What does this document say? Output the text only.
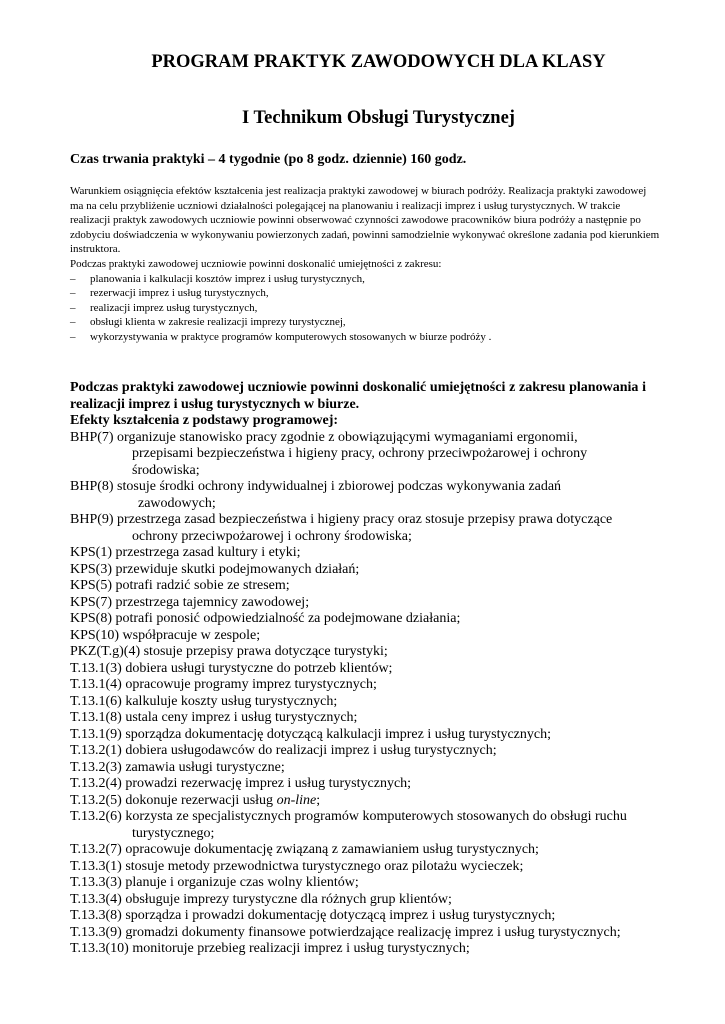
PROGRAM PRAKTYK ZAWODOWYCH DLA KLASY
I Technikum Obsługi Turystycznej
Czas trwania praktyki – 4 tygodnie (po 8 godz. dziennie) 160 godz.

Warunkiem osiągnięcia efektów kształcenia jest realizacja praktyki zawodowej w biurach podróży. Realizacja praktyki zawodowej ma na celu przybliżenie uczniowi działalności polegającej na planowaniu i realizacji imprez i usług turystycznych. W trakcie realizacji praktyk zawodowych uczniowie powinni obserwować czynności zawodowe pracowników biura podróży a następnie po zdobyciu doświadczenia w wykonywaniu powierzonych zadań, powinni samodzielnie wykonywać określone zadania pod kierunkiem instruktora.

Podczas praktyki zawodowej uczniowie powinni doskonalić umiejętności z zakresu:

– planowania i kalkulacji kosztów imprez i usług turystycznych,
– rezerwacji imprez i usług turystycznych,
– realizacji imprez usług turystycznych,
– obsługi klienta w zakresie realizacji imprezy turystycznej,
– wykorzystywania w praktyce programów komputerowych stosowanych w biurze podróży .

Podczas praktyki zawodowej uczniowie powinni doskonalić umiejętności z zakresu planowania i realizacji imprez i usług turystycznych w biurze.

Efekty kształcenia z podstawy programowej:

BHP(7) organizuje stanowisko pracy zgodnie z obowiązującymi wymaganiami ergonomii,
przepisami bezpieczeństwa i higieny pracy, ochrony przeciwpożarowej i ochrony
środowiska;
BHP(8) stosuje środki ochrony indywidualnej i zbiorowej podczas wykonywania zadań
zawodowych;
BHP(9) przestrzega zasad bezpieczeństwa i higieny pracy oraz stosuje przepisy prawa dotyczące
ochrony przeciwpożarowej i ochrony środowiska;
KPS(1) przestrzega zasad kultury i etyki;
KPS(3) przewiduje skutki podejmowanych działań;
KPS(5) potrafi radzić sobie ze stresem;
KPS(7) przestrzega tajemnicy zawodowej;
KPS(8) potrafi ponosić odpowiedzialność za podejmowane działania;
KPS(10) współpracuje w zespole;
PKZ(T.g)(4) stosuje przepisy prawa dotyczące turystyki;
T.13.1(3) dobiera usługi turystyczne do potrzeb klientów;
T.13.1(4) opracowuje programy imprez turystycznych;
T.13.1(6) kalkuluje koszty usług turystycznych;
T.13.1(8) ustala ceny imprez i usług turystycznych;
T.13.1(9) sporządza dokumentację dotyczącą kalkulacji imprez i usług turystycznych;
T.13.2(1) dobiera usługodawców do realizacji imprez i usług turystycznych;
T.13.2(3) zamawia usługi turystyczne;
T.13.2(4) prowadzi rezerwację imprez i usług turystycznych;
T.13.2(5) dokonuje rezerwacji usług on-line;
T.13.2(6) korzysta ze specjalistycznych programów komputerowych stosowanych do obsługi ruchu
turystycznego;
T.13.2(7) opracowuje dokumentację związaną z zamawianiem usług turystycznych;
T.13.3(1) stosuje metody przewodnictwa turystycznego oraz pilotażu wycieczek;
T.13.3(3) planuje i organizuje czas wolny klientów;
T.13.3(4) obsługuje imprezy turystyczne dla różnych grup klientów;
T.13.3(8) sporządza i prowadzi dokumentację dotyczącą imprez i usług turystycznych;
T.13.3(9) gromadzi dokumenty finansowe potwierdzające realizację imprez i usług turystycznych;
T.13.3(10) monitoruje przebieg realizacji imprez i usług turystycznych;
